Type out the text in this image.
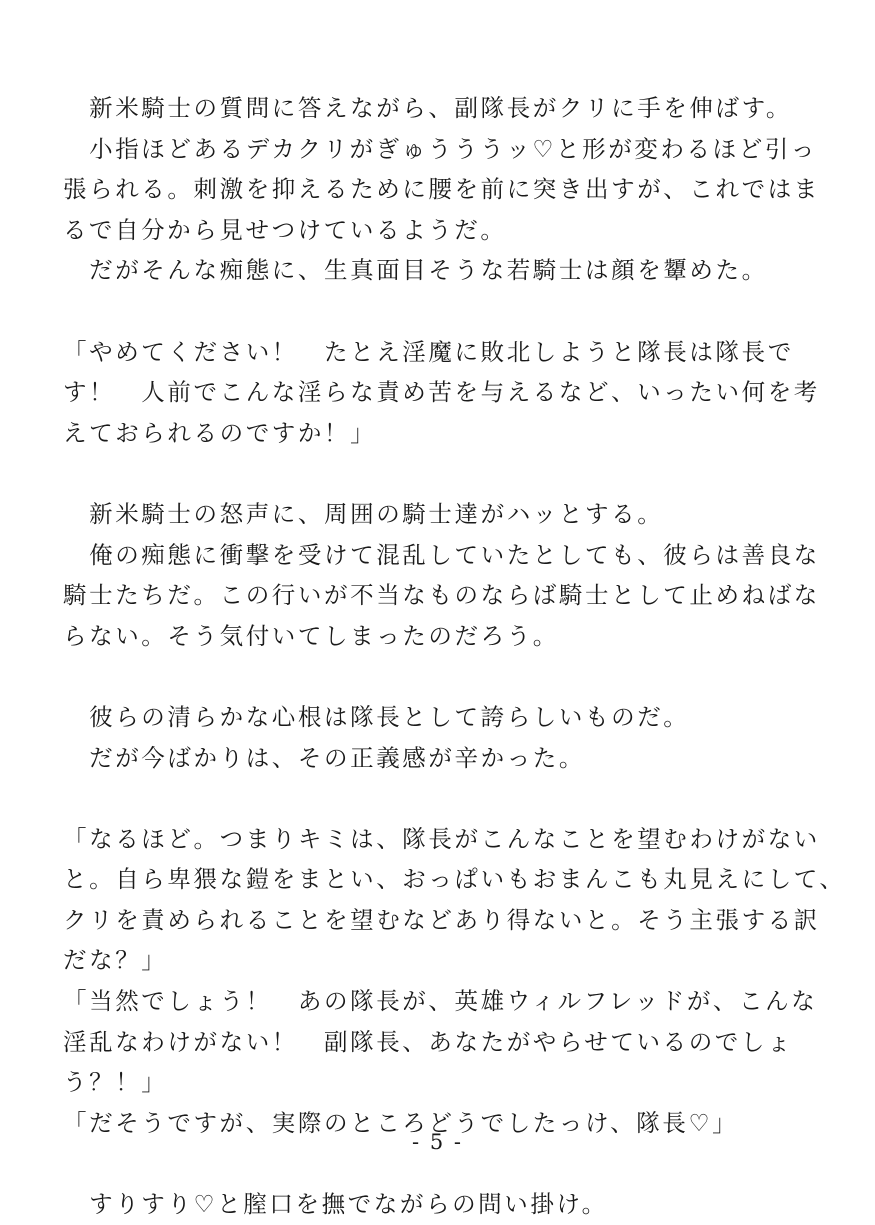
　新米騎士の質問に答えながら、副隊長がクリに手を伸ばす。
　小指ほどあるデカクリがぎゅうううッ♡と形が変わるほど引っ
張られる。刺激を抑えるために腰を前に突き出すが、これではま
るで自分から見せつけているようだ。
　だがそんな痴態に、生真面目そうな若騎士は顔を顰めた。
「やめてください！　たとえ淫魔に敗北しようと隊長は隊長で
す！　人前でこんな淫らな責め苦を与えるなど、いったい何を考
えておられるのですか！」
　新米騎士の怒声に、周囲の騎士達がハッとする。
　俺の痴態に衝撃を受けて混乱していたとしても、彼らは善良な
騎士たちだ。この行いが不当なものならば騎士として止めねばな
らない。そう気付いてしまったのだろう。
　彼らの清らかな心根は隊長として誇らしいものだ。
　だが今ばかりは、その正義感が辛かった。
「なるほど。つまりキミは、隊長がこんなことを望むわけがない
と。自ら卑猥な鎧をまとい、おっぱいもおまんこも丸見えにして、
クリを責められることを望むなどあり得ないと。そう主張する訳
だな？」
「当然でしょう！　あの隊長が、英雄ウィルフレッドが、こんな
淫乱なわけがない！　副隊長、あなたがやらせているのでしょ
う？！」
「だそうですが、実際のところどうでしたっけ、隊長♡」
　すりすり♡と膣口を撫でながらの問い掛け。
- 5 -
